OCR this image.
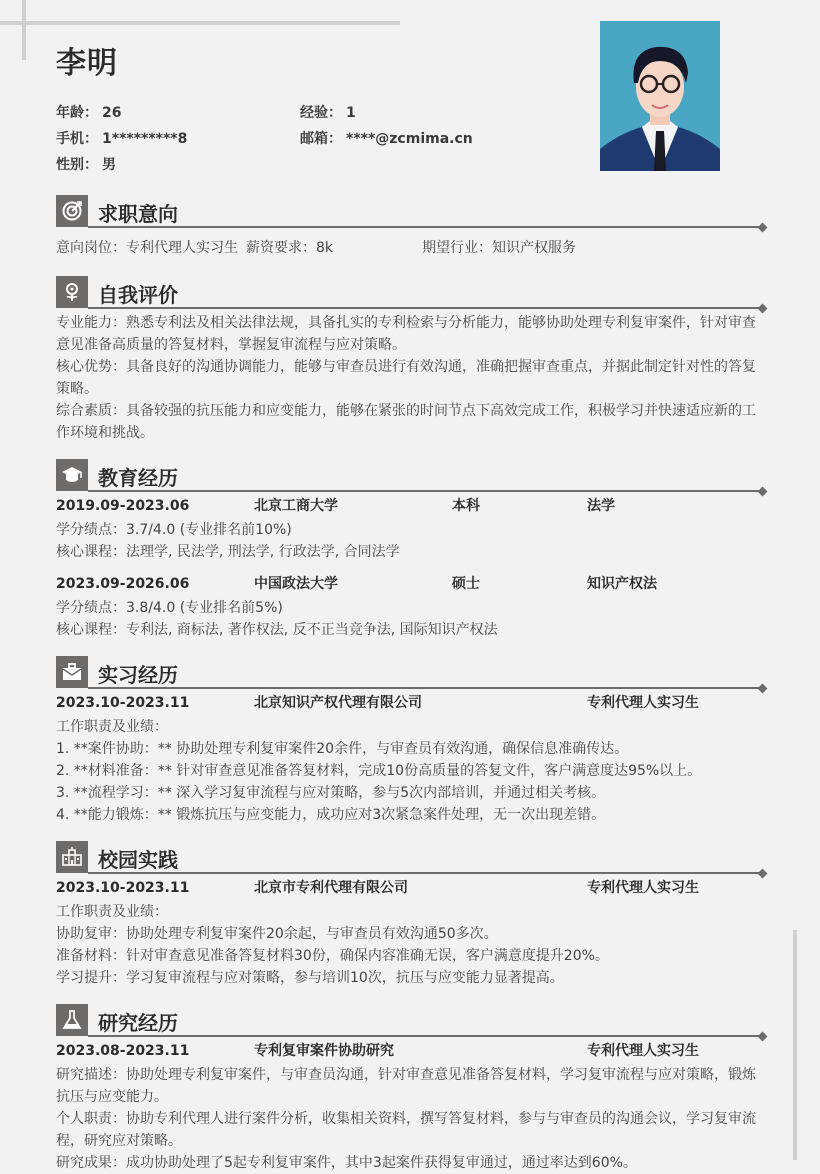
李明
年龄： 26	经验： 1
手机： 1*********8	邮箱： ****@zcmima.cn
性别： 男
求职意向
意向岗位：专利代理人实习生 薪资要求：8k	期望行业：知识产权服务
自我评价

专业能力：熟悉专利法及相关法律法规，具备扎实的专利检索与分析能力，能够协助处理专利复审案件，针对审查意见准备高质量的答复材料，掌握复审流程与应对策略。

核心优势：具备良好的沟通协调能力，能够与审查员进行有效沟通，准确把握审查重点，并据此制定针对性的答复策略。

综合素质：具备较强的抗压能力和应变能力，能够在紧张的时间节点下高效完成工作，积极学习并快速适应新的工作环境和挑战。

教育经历
2019.09-2023.06	北京工商大学	本科	法学

学分绩点：3.7/4.0 (专业排名前10%)

核心课程：法理学, 民法学, 刑法学, 行政法学, 合同法学

2023.09-2026.06	中国政法大学	硕士	知识产权法

学分绩点：3.8/4.0 (专业排名前5%)

核心课程：专利法, 商标法, 著作权法, 反不正当竞争法, 国际知识产权法

实习经历
2023.10-2023.11	北京知识产权代理有限公司	专利代理人实习生

工作职责及业绩：

1. **案件协助：** 协助处理专利复审案件20余件，与审查员有效沟通，确保信息准确传达。

2. **材料准备：** 针对审查意见准备答复材料，完成10份高质量的答复文件，客户满意度达95%以上。

3. **流程学习：** 深入学习复审流程与应对策略，参与5次内部培训，并通过相关考核。

4. **能力锻炼：** 锻炼抗压与应变能力，成功应对3次紧急案件处理，无一次出现差错。

校园实践
2023.10-2023.11	北京市专利代理有限公司	专利代理人实习生

工作职责及业绩：

协助复审：协助处理专利复审案件20余起，与审查员有效沟通50多次。

准备材料：针对审查意见准备答复材料30份，确保内容准确无误，客户满意度提升20%。

学习提升：学习复审流程与应对策略，参与培训10次，抗压与应变能力显著提高。

研究经历
2023.08-2023.11	专利复审案件协助研究	专利代理人实习生

研究描述：协助处理专利复审案件，与审查员沟通，针对审查意见准备答复材料，学习复审流程与应对策略，锻炼抗压与应变能力。

个人职责：协助专利代理人进行案件分析，收集相关资料，撰写答复材料，参与与审查员的沟通会议，学习复审流程，研究应对策略。

研究成果：成功协助处理了5起专利复审案件，其中3起案件获得复审通过，通过率达到60%。
